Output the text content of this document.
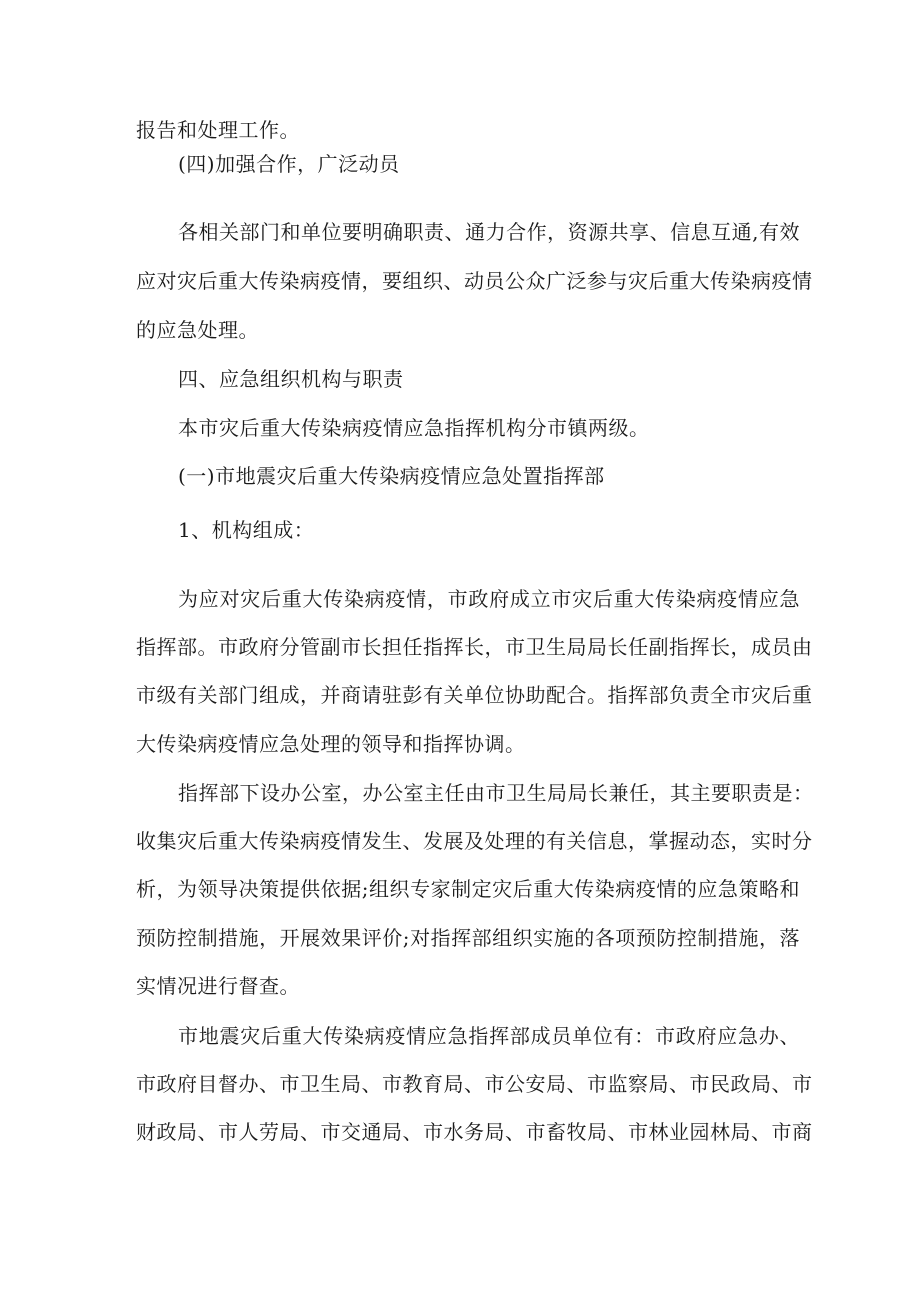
报告和处理工作。
(四)加强合作，广泛动员
各相关部门和单位要明确职责、通力合作，资源共享、信息互通,有效
应对灾后重大传染病疫情，要组织、动员公众广泛参与灾后重大传染病疫情
的应急处理。
四、应急组织机构与职责
本市灾后重大传染病疫情应急指挥机构分市镇两级。
(一)市地震灾后重大传染病疫情应急处置指挥部
1、机构组成：
为应对灾后重大传染病疫情，市政府成立市灾后重大传染病疫情应急
指挥部。市政府分管副市长担任指挥长，市卫生局局长任副指挥长，成员由
市级有关部门组成，并商请驻彭有关单位协助配合。指挥部负责全市灾后重
大传染病疫情应急处理的领导和指挥协调。
指挥部下设办公室，办公室主任由市卫生局局长兼任，其主要职责是：
收集灾后重大传染病疫情发生、发展及处理的有关信息，掌握动态，实时分
析，为领导决策提供依据;组织专家制定灾后重大传染病疫情的应急策略和
预防控制措施，开展效果评价;对指挥部组织实施的各项预防控制措施，落
实情况进行督查。
市地震灾后重大传染病疫情应急指挥部成员单位有：市政府应急办、
市政府目督办、市卫生局、市教育局、市公安局、市监察局、市民政局、市
财政局、市人劳局、市交通局、市水务局、市畜牧局、市林业园林局、市商
